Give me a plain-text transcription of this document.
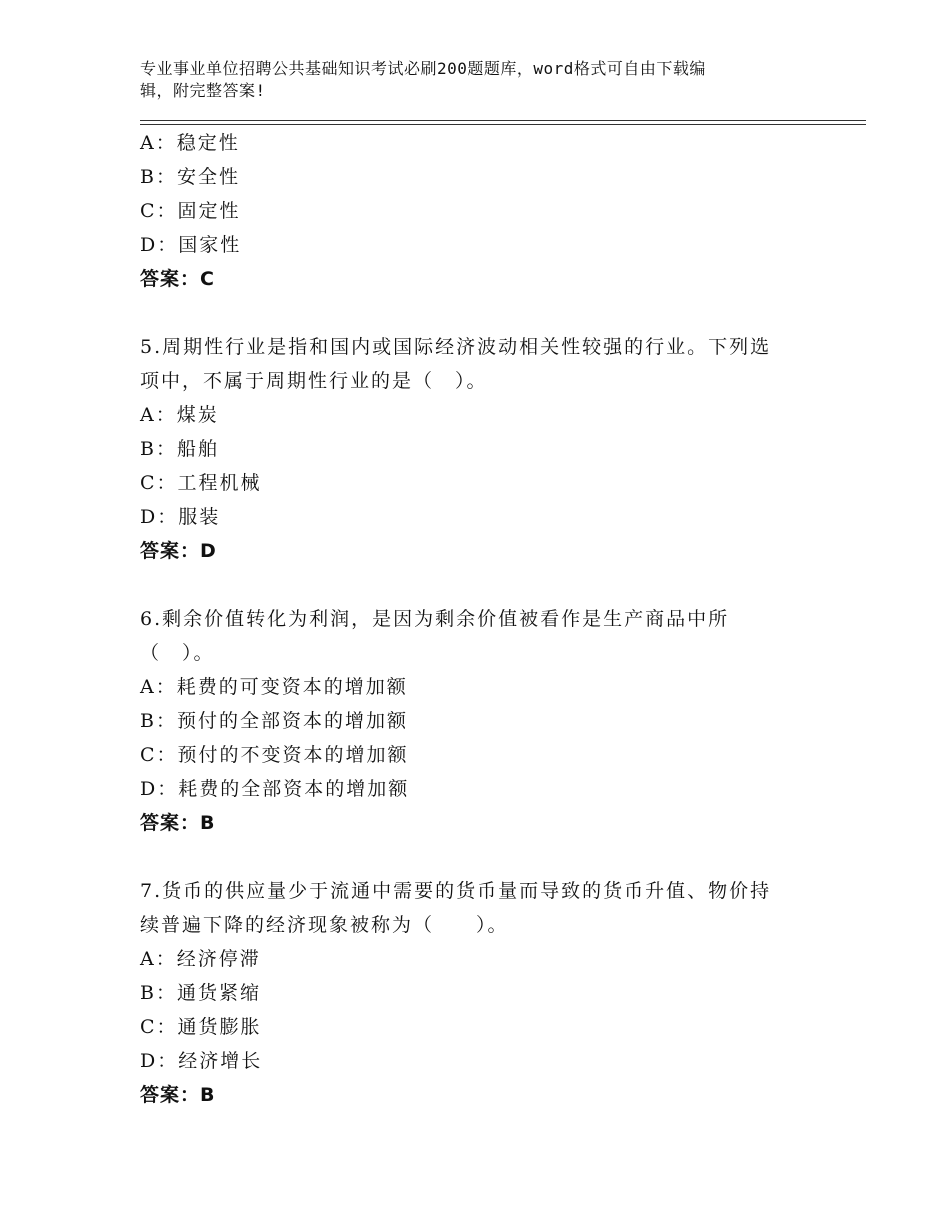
专业事业单位招聘公共基础知识考试必刷200题题库，word格式可自由下载编
辑，附完整答案!
A：稳定性
B：安全性
C：固定性
D：国家性
答案：C
5.周期性行业是指和国内或国际经济波动相关性较强的行业。下列选
项中，不属于周期性行业的是（　）。
A：煤炭
B：船舶
C：工程机械
D：服装
答案：D
6.剩余价值转化为利润，是因为剩余价值被看作是生产商品中所
（　）。
A：耗费的可变资本的增加额
B：预付的全部资本的增加额
C：预付的不变资本的增加额
D：耗费的全部资本的增加额
答案：B
7.货币的供应量少于流通中需要的货币量而导致的货币升值、物价持
续普遍下降的经济现象被称为（　　）。
A：经济停滞
B：通货紧缩
C：通货膨胀
D：经济增长
答案：B
